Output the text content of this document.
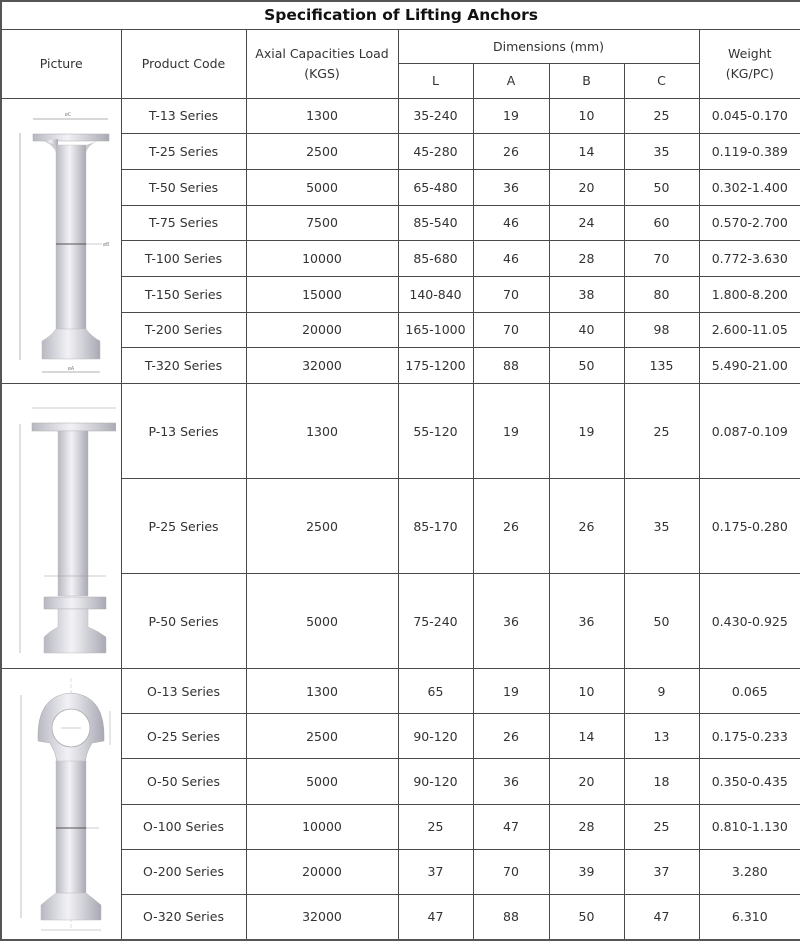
Specification of Lifting Anchors							
Picture	Product Code	
Axial Capacities Load
(KGS)
	Dimensions (mm)	
Weight
(KG/PC)

			L	A	B	C	

øC
øB
øA	T-13 Series	1300	35-240	19	10	25	0.045-0.170
	T-25 Series	2500	45-280	26	14	35	0.119-0.389
	T-50 Series	5000	65-480	36	20	50	0.302-1.400
	T-75 Series	7500	85-540	46	24	60	0.570-2.700
	T-100 Series	10000	85-680	46	28	70	0.772-3.630
	T-150 Series	15000	140-840	70	38	80	1.800-8.200
	T-200 Series	20000	165-1000	70	40	98	2.600-11.05
	T-320 Series	32000	175-1200	88	50	135	5.490-21.00

	P-13 Series	1300	55-120	19	19	25	0.087-0.109
	P-25 Series	2500	85-170	26	26	35	0.175-0.280
	P-50 Series	5000	75-240	36	36	50	0.430-0.925

	O-13 Series	1300	65	19	10	9	0.065
	O-25 Series	2500	90-120	26	14	13	0.175-0.233
	O-50 Series	5000	90-120	36	20	18	0.350-0.435
	O-100 Series	10000	25	47	28	25	0.810-1.130
	O-200 Series	20000	37	70	39	37	3.280
	O-320 Series	32000	47	88	50	47	6.310
